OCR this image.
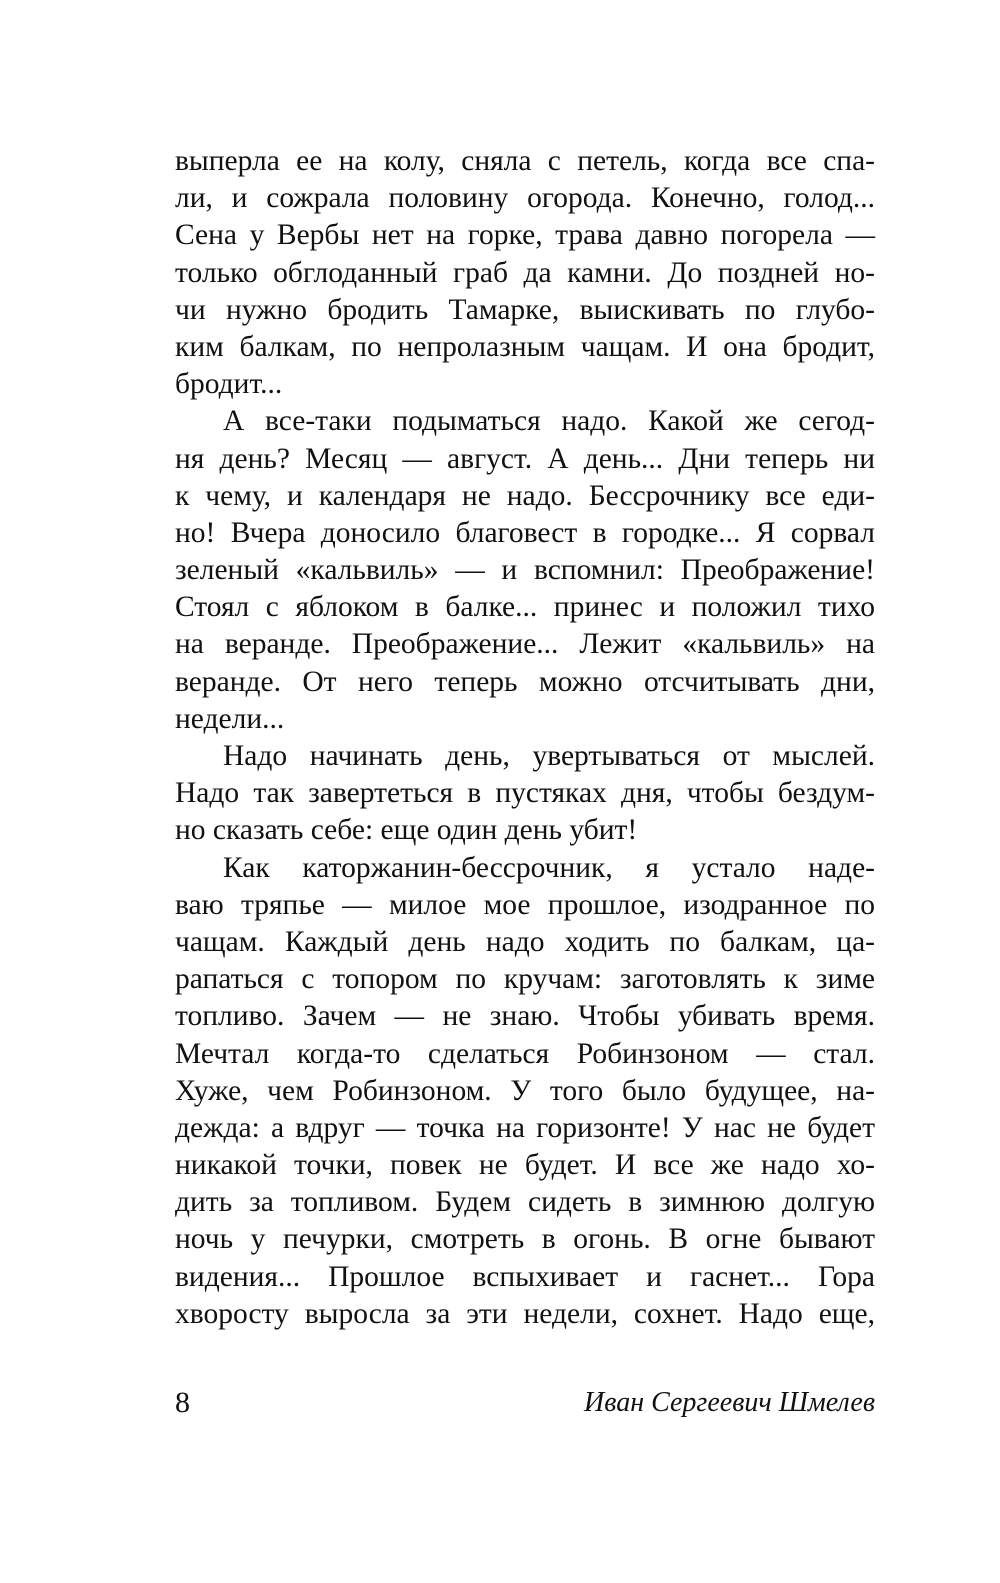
выперла ее на колу, сняла с петель, когда все спа-
ли, и сожрала половину огорода. Конечно, голод...
Сена у Вербы нет на горке, трава давно погорела —
только обглоданный граб да камни. До поздней но-
чи нужно бродить Тамарке, выискивать по глубо-
ким балкам, по непролазным чащам. И она бродит,
бродит...
А все-таки подыматься надо. Какой же сегод-
ня день? Месяц — август. А день... Дни теперь ни
к чему, и календаря не надо. Бессрочнику все еди-
но! Вчера доносило благовест в городке... Я сорвал
зеленый «кальвиль» — и вспомнил: Преображение!
Стоял с яблоком в балке... принес и положил тихо
на веранде. Преображение... Лежит «кальвиль» на
веранде. От него теперь можно отсчитывать дни,
недели...
Надо начинать день, увертываться от мыслей.
Надо так завертеться в пустяках дня, чтобы бездум-
но сказать себе: еще один день убит!
Как каторжанин-бессрочник, я устало наде-
ваю тряпье — милое мое прошлое, изодранное по
чащам. Каждый день надо ходить по балкам, ца-
рапаться с топором по кручам: заготовлять к зиме
топливо. Зачем — не знаю. Чтобы убивать время.
Мечтал когда-то сделаться Робинзоном — стал.
Хуже, чем Робинзоном. У того было будущее, на-
дежда: а вдруг — точка на горизонте! У нас не будет
никакой точки, повек не будет. И все же надо хо-
дить за топливом. Будем сидеть в зимнюю долгую
ночь у печурки, смотреть в огонь. В огне бывают
видения... Прошлое вспыхивает и гаснет... Гора
хворосту выросла за эти недели, сохнет. Надо еще,
8	Иван Сергеевич Шмелев
